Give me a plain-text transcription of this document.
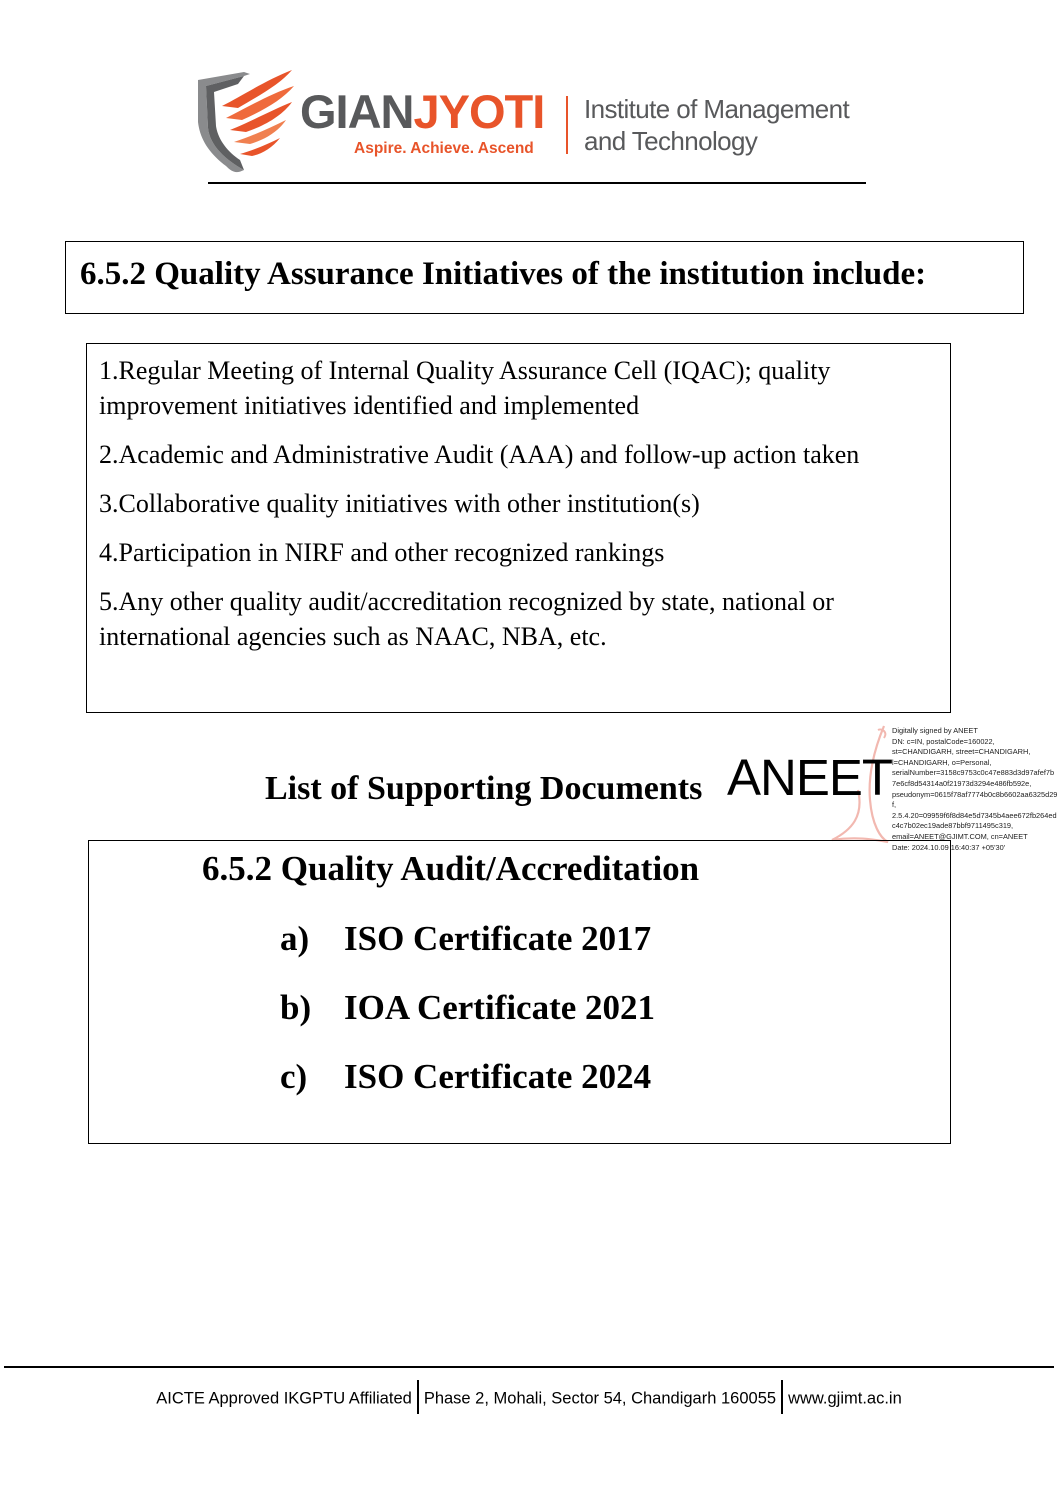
GIANJYOTI
Aspire. Achieve. Ascend
Institute of Management
and Technology
6.5.2 Quality Assurance Initiatives of the institution include:

1.Regular Meeting of Internal Quality Assurance Cell (IQAC); quality improvement initiatives identified and implemented

2.Academic and Administrative Audit (AAA) and follow-up action taken

3.Collaborative quality initiatives with other institution(s)

4.Participation in NIRF and other recognized rankings

5.Any other quality audit/accreditation recognized by state, national or international agencies such as NAAC, NBA, etc.

List of Supporting Documents ANEET
Digitally signed by ANEET
DN: c=IN, postalCode=160022,
st=CHANDIGARH, street=CHANDIGARH,
l=CHANDIGARH, o=Personal,
serialNumber=3158c9753c0c47e883d3d97afef7b7e6cf8d54314a0f21973d3294e486fb592e,
pseudonym=0615f78af7774b0c8b6602aa6325d29f,
2.5.4.20=09959f6f8d84e5d7345b4aee672fb264edc4c7b02ec19ade87bbf9711495c319,
email=ANEET@GJIMT.COM, cn=ANEET
Date: 2024.10.09 16:40:37 +05'30'
6.5.2 Quality Audit/Accreditation
a) ISO Certificate 2017
b) IOA Certificate 2021
c) ISO Certificate 2024
AICTE Approved IKGPTU Affiliated Phase 2, Mohali, Sector 54, Chandigarh 160055 www.gjimt.ac.in
